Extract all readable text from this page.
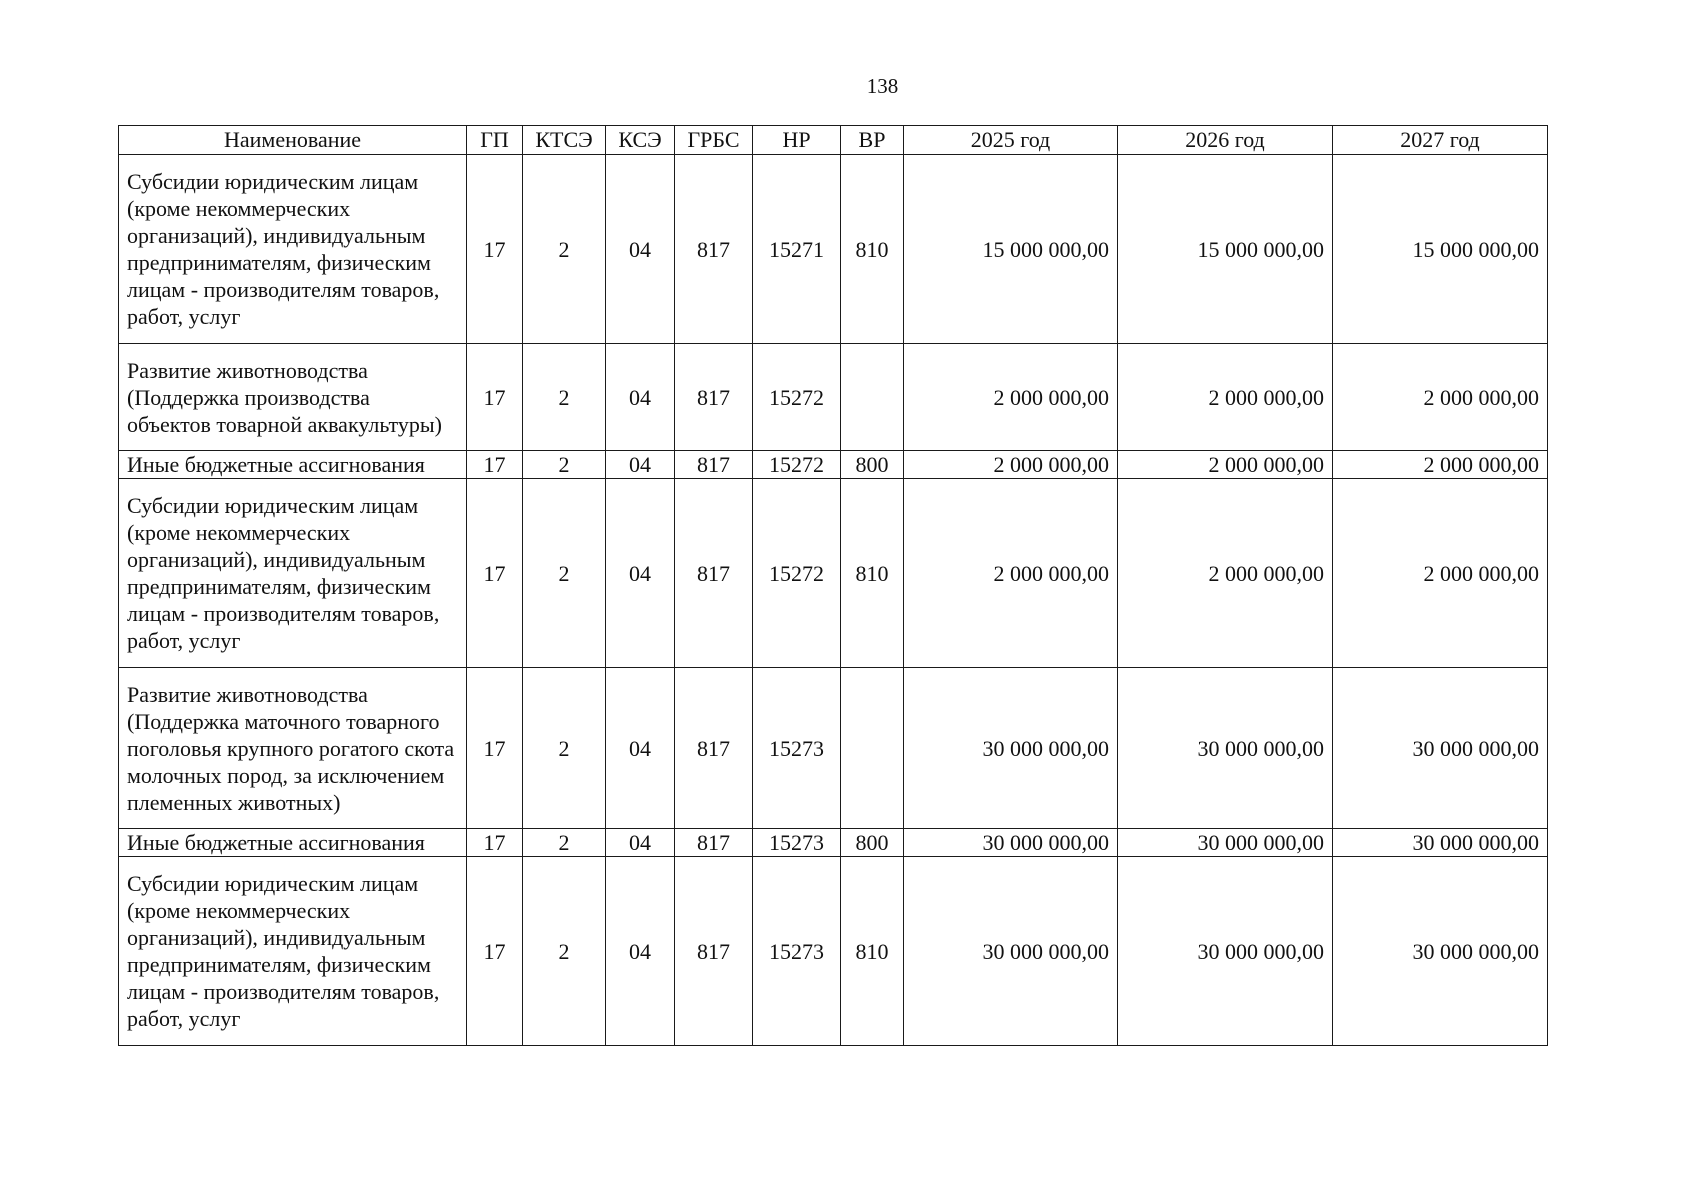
138
Наименование	ГП	КТСЭ	КСЭ	ГРБС	НР	ВР	2025 год	2026 год	2027 год
Субсидии юридическим лицам (кроме некоммерческих организаций), индивидуальным предпринимателям, физическим лицам - производителям товаров, работ, услуг	17	2	04	817	15271	810	15 000 000,00	15 000 000,00	15 000 000,00
Развитие животноводства (Поддержка производства объектов товарной аквакультуры)	17	2	04	817	15272		2 000 000,00	2 000 000,00	2 000 000,00
Иные бюджетные ассигнования	17	2	04	817	15272	800	2 000 000,00	2 000 000,00	2 000 000,00
Субсидии юридическим лицам (кроме некоммерческих организаций), индивидуальным предпринимателям, физическим лицам - производителям товаров, работ, услуг	17	2	04	817	15272	810	2 000 000,00	2 000 000,00	2 000 000,00
Развитие животноводства (Поддержка маточного товарного поголовья крупного рогатого скота молочных пород, за исключением племенных животных)	17	2	04	817	15273		30 000 000,00	30 000 000,00	30 000 000,00
Иные бюджетные ассигнования	17	2	04	817	15273	800	30 000 000,00	30 000 000,00	30 000 000,00
Субсидии юридическим лицам (кроме некоммерческих организаций), индивидуальным предпринимателям, физическим лицам - производителям товаров, работ, услуг	17	2	04	817	15273	810	30 000 000,00	30 000 000,00	30 000 000,00
